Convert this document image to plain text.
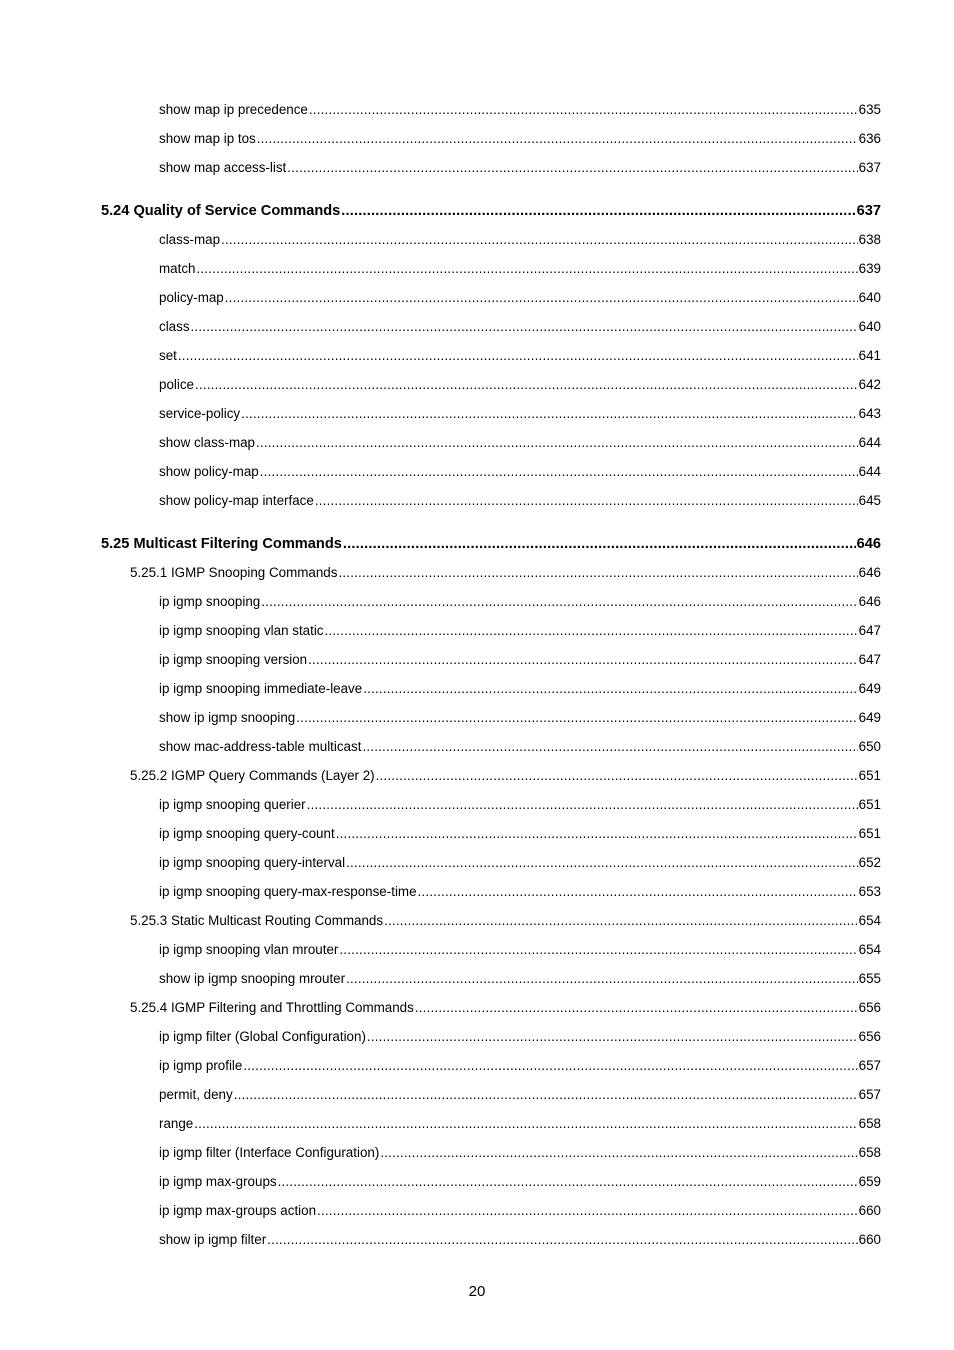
show map ip precedence .....	635
show map ip tos .....	636
show map access-list .....	637
5.24 Quality of Service Commands .....	637
class-map .....	638
match .....	639
policy-map .....	640
class .....	640
set .....	641
police .....	642
service-policy .....	643
show class-map .....	644
show policy-map .....	644
show policy-map interface .....	645
5.25 Multicast Filtering Commands .....	646
5.25.1 IGMP Snooping Commands .....	646
ip igmp snooping .....	646
ip igmp snooping vlan static .....	647
ip igmp snooping version .....	647
ip igmp snooping immediate-leave .....	649
show ip igmp snooping .....	649
show mac-address-table multicast .....	650
5.25.2 IGMP Query Commands (Layer 2) .....	651
ip igmp snooping querier .....	651
ip igmp snooping query-count .....	651
ip igmp snooping query-interval .....	652
ip igmp snooping query-max-response-time .....	653
5.25.3 Static Multicast Routing Commands .....	654
ip igmp snooping vlan mrouter .....	654
show ip igmp snooping mrouter .....	655
5.25.4 IGMP Filtering and Throttling Commands .....	656
ip igmp filter (Global Configuration) .....	656
ip igmp profile .....	657
permit, deny .....	657
range .....	658
ip igmp filter (Interface Configuration) .....	658
ip igmp max-groups .....	659
ip igmp max-groups action .....	660
show ip igmp filter .....	660
20
